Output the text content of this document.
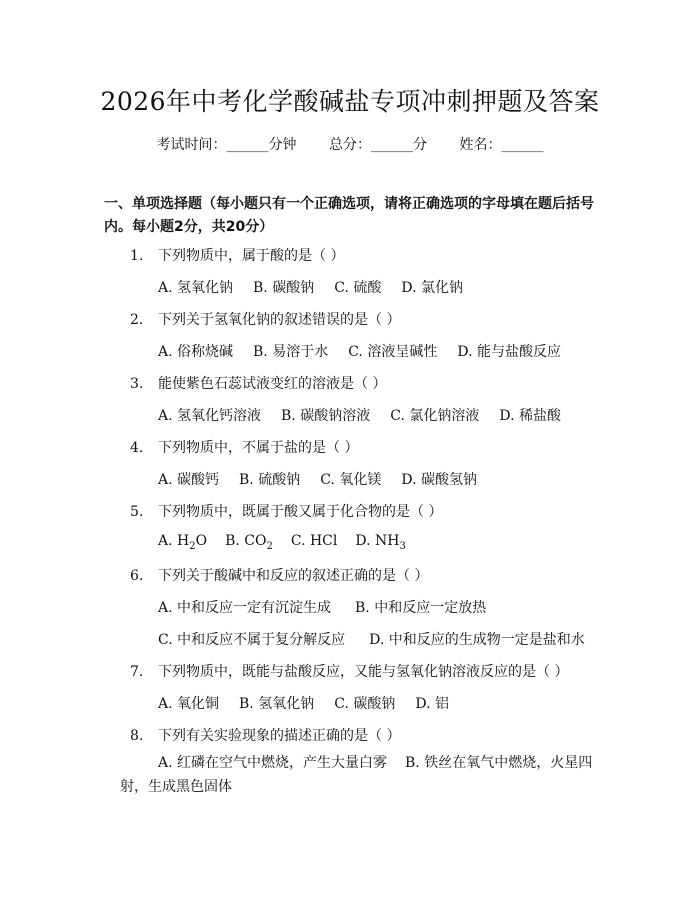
2026年中考化学酸碱盐专项冲刺押题及答案
考试时间：______分钟 总分：______分 姓名：______
一、单项选择题（每小题只有一个正确选项，请将正确选项的字母填在题后括号内。每小题2分，共20分）
1. 下列物质中，属于酸的是（ ）
A. 氢氧化钠 B. 碳酸钠 C. 硫酸 D. 氯化钠
2. 下列关于氢氧化钠的叙述错误的是（ ）
A. 俗称烧碱 B. 易溶于水 C. 溶液呈碱性 D. 能与盐酸反应
3. 能使紫色石蕊试液变红的溶液是（ ）
A. 氢氧化钙溶液 B. 碳酸钠溶液 C. 氯化钠溶液 D. 稀盐酸
4. 下列物质中，不属于盐的是（ ）
A. 碳酸钙 B. 硫酸钠 C. 氧化镁 D. 碳酸氢钠
5. 下列物质中，既属于酸又属于化合物的是（ ）
A. $H_2O$ B. $CO_2$ C. HCl D. $NH_3$
6. 下列关于酸碱中和反应的叙述正确的是（ ）
A. 中和反应一定有沉淀生成 B. 中和反应一定放热
C. 中和反应不属于复分解反应 D. 中和反应的生成物一定是盐和水
7. 下列物质中，既能与盐酸反应，又能与氢氧化钠溶液反应的是（ ）
A. 氧化铜 B. 氢氧化钠 C. 碳酸钠 D. 铝
8. 下列有关实验现象的描述正确的是（ ）
A. 红磷在空气中燃烧，产生大量白雾 B. 铁丝在氧气中燃烧，火星四射，生成黑色固体
